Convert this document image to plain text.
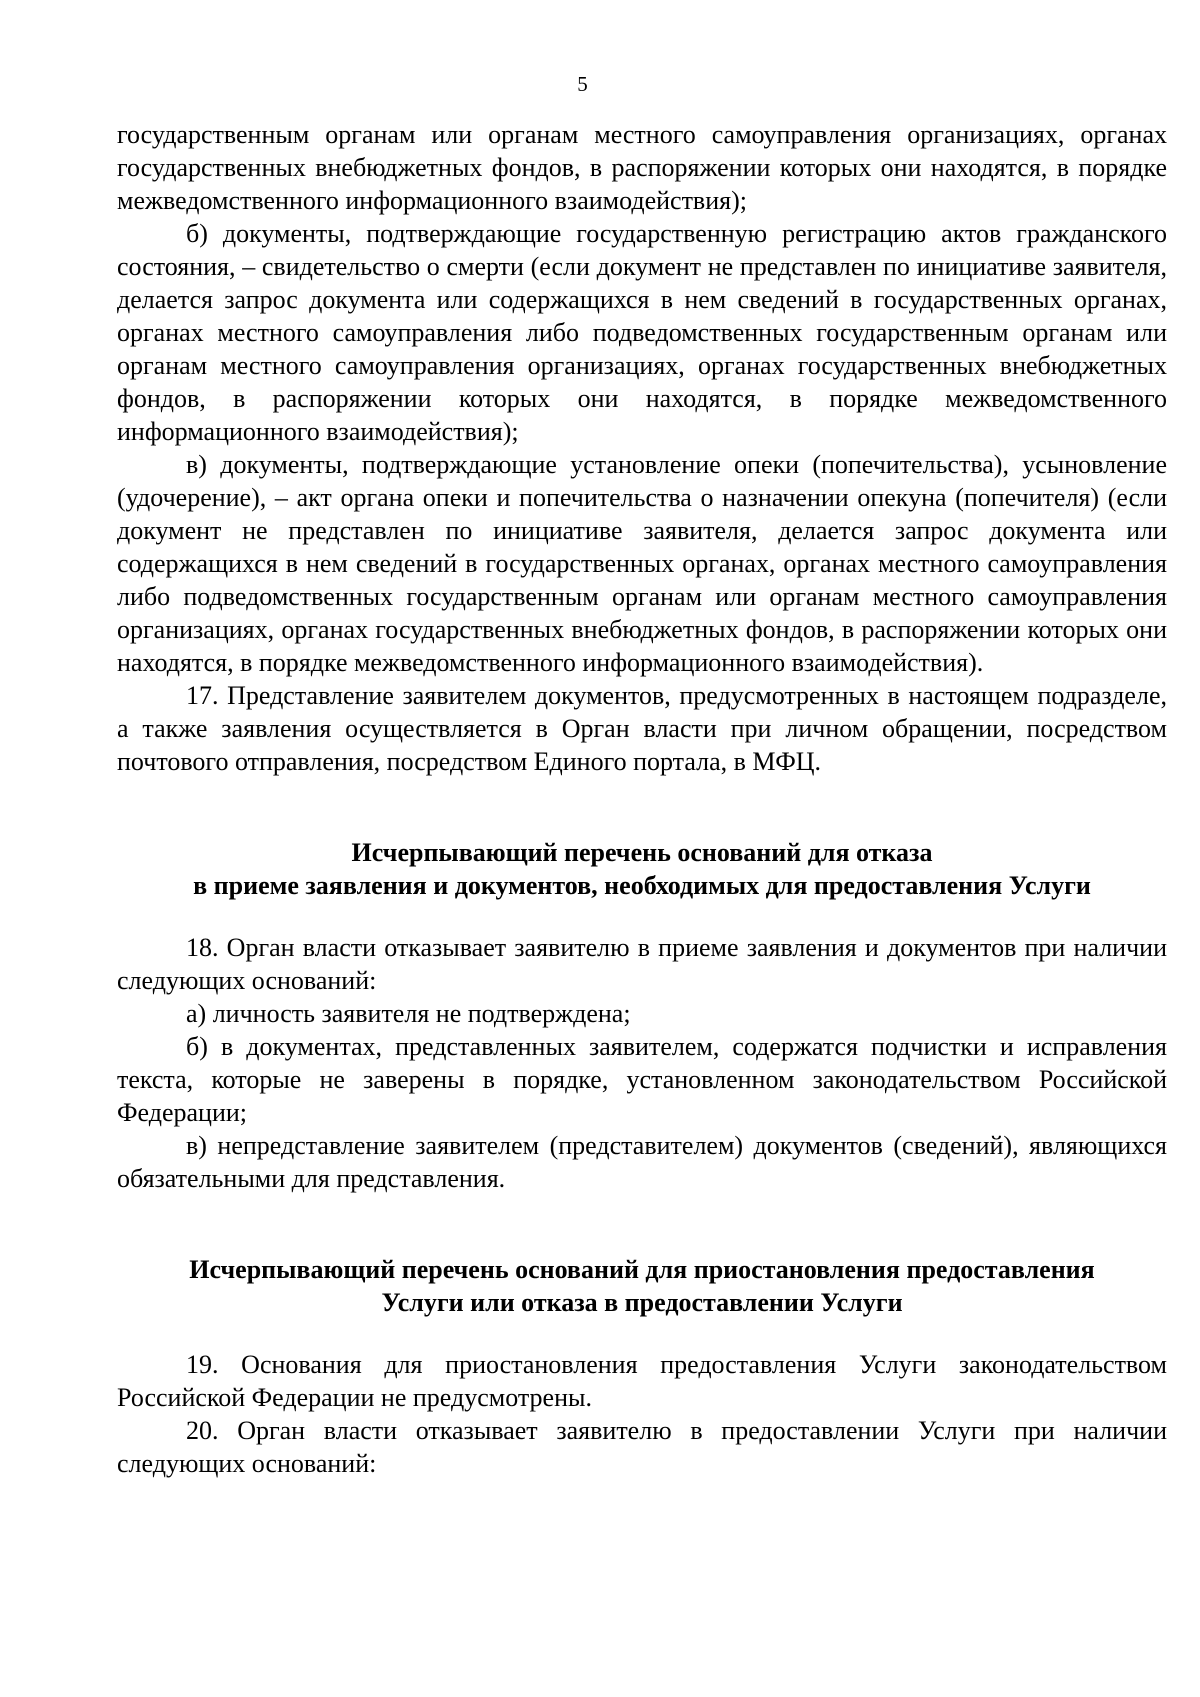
5

государственным органам или органам местного самоуправления организациях, органах государственных внебюджетных фондов, в распоряжении которых они находятся, в порядке межведомственного информационного взаимодействия);

б) документы, подтверждающие государственную регистрацию актов гражданского состояния, – свидетельство о смерти (если документ не представлен по инициативе заявителя, делается запрос документа или содержащихся в нем сведений в государственных органах, органах местного самоуправления либо подведомственных государственным органам или органам местного самоуправления организациях, органах государственных внебюджетных фондов, в распоряжении которых они находятся, в порядке межведомственного информационного взаимодействия);

в) документы, подтверждающие установление опеки (попечительства), усыновление (удочерение), – акт органа опеки и попечительства о назначении опекуна (попечителя) (если документ не представлен по инициативе заявителя, делается запрос документа или содержащихся в нем сведений в государственных органах, органах местного самоуправления либо подведомственных государственным органам или органам местного самоуправления организациях, органах государственных внебюджетных фондов, в распоряжении которых они находятся, в порядке межведомственного информационного взаимодействия).

17. Представление заявителем документов, предусмотренных в настоящем подразделе, а также заявления осуществляется в Орган власти при личном обращении, посредством почтового отправления, посредством Единого портала, в МФЦ.

Исчерпывающий перечень оснований для отказа
в приеме заявления и документов, необходимых для предоставления Услуги

18. Орган власти отказывает заявителю в приеме заявления и документов при наличии следующих оснований:

а) личность заявителя не подтверждена;

б) в документах, представленных заявителем, содержатся подчистки и исправления текста, которые не заверены в порядке, установленном законодательством Российской Федерации;

в) непредставление заявителем (представителем) документов (сведений), являющихся обязательными для представления.

Исчерпывающий перечень оснований для приостановления предоставления
Услуги или отказа в предоставлении Услуги

19. Основания для приостановления предоставления Услуги законодательством Российской Федерации не предусмотрены.

20. Орган власти отказывает заявителю в предоставлении Услуги при наличии следующих оснований:
